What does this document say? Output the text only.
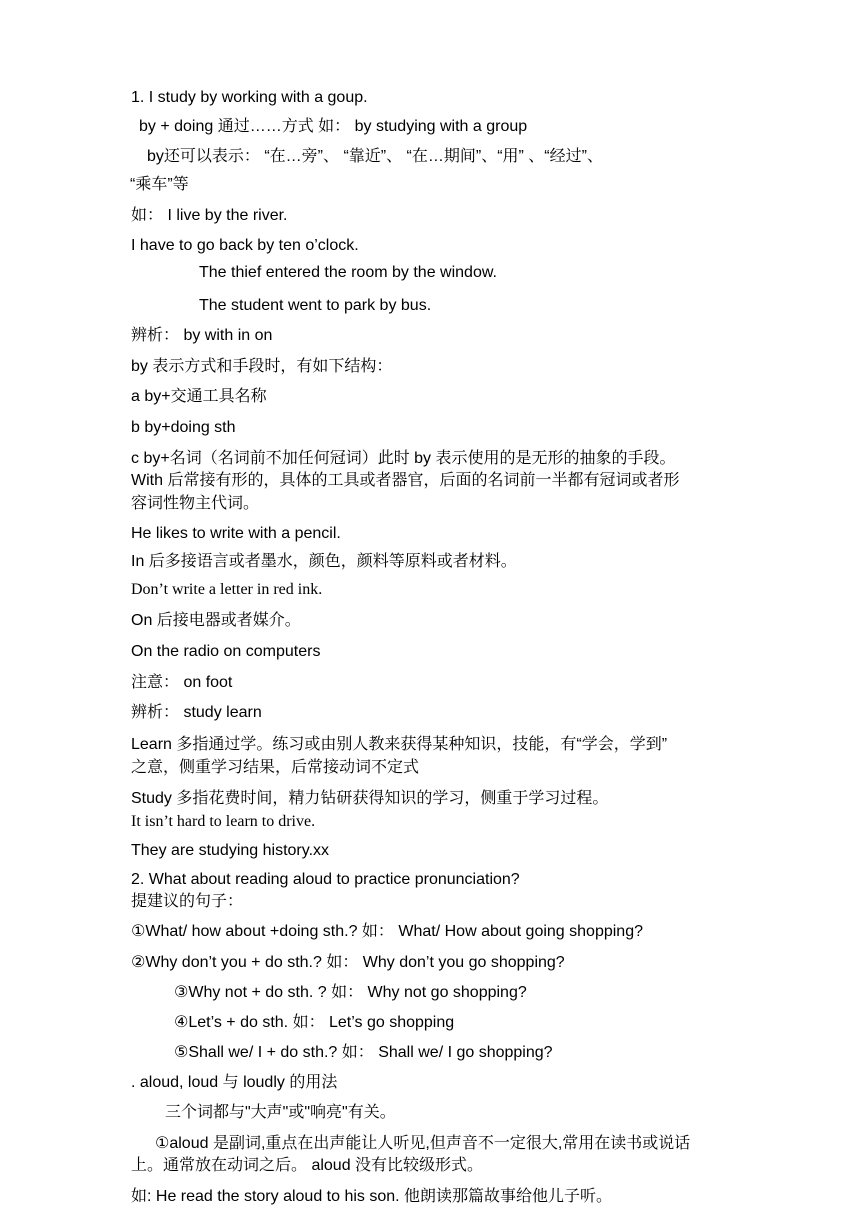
1. I study by working with a goup.
by + doing 通过……方式 如： by studying with a group
by还可以表示： “在…旁”、 “靠近”、 “在…期间”、“用” 、“经过”、
“乘车”等
如： I live by the river.
I have to go back by ten o’clock.
The thief entered the room by the window.
The student went to park by bus.
辨析： by with in on
by 表示方式和手段时，有如下结构：
a by+交通工具名称
b by+doing sth
c by+名词（名词前不加任何冠词）此时 by 表示使用的是无形的抽象的手段。
With 后常接有形的，具体的工具或者器官，后面的名词前一半都有冠词或者形
容词性物主代词。
He likes to write with a pencil.
In 后多接语言或者墨水，颜色，颜料等原料或者材料。
Don’t write a letter in red ink.
On 后接电器或者媒介。
On the radio on computers
注意： on foot
辨析： study learn
Learn 多指通过学。练习或由别人教来获得某种知识，技能，有“学会，学到”
之意，侧重学习结果，后常接动词不定式
Study 多指花费时间，精力钻研获得知识的学习，侧重于学习过程。
It isn’t hard to learn to drive.
They are studying history.xx
2. What about reading aloud to practice pronunciation?
提建议的句子：
①What/ how about +doing sth.? 如： What/ How about going shopping?
②Why don’t you + do sth.? 如： Why don’t you go shopping?
③Why not + do sth. ? 如： Why not go shopping?
④Let’s + do sth. 如： Let’s go shopping
⑤Shall we/ I + do sth.? 如： Shall we/ I go shopping?
. aloud, loud 与 loudly 的用法
三个词都与"大声"或"响亮"有关。
①aloud 是副词,重点在出声能让人听见,但声音不一定很大,常用在读书或说话
上。通常放在动词之后。 aloud 没有比较级形式。
如: He read the story aloud to his son. 他朗读那篇故事给他儿子听。
